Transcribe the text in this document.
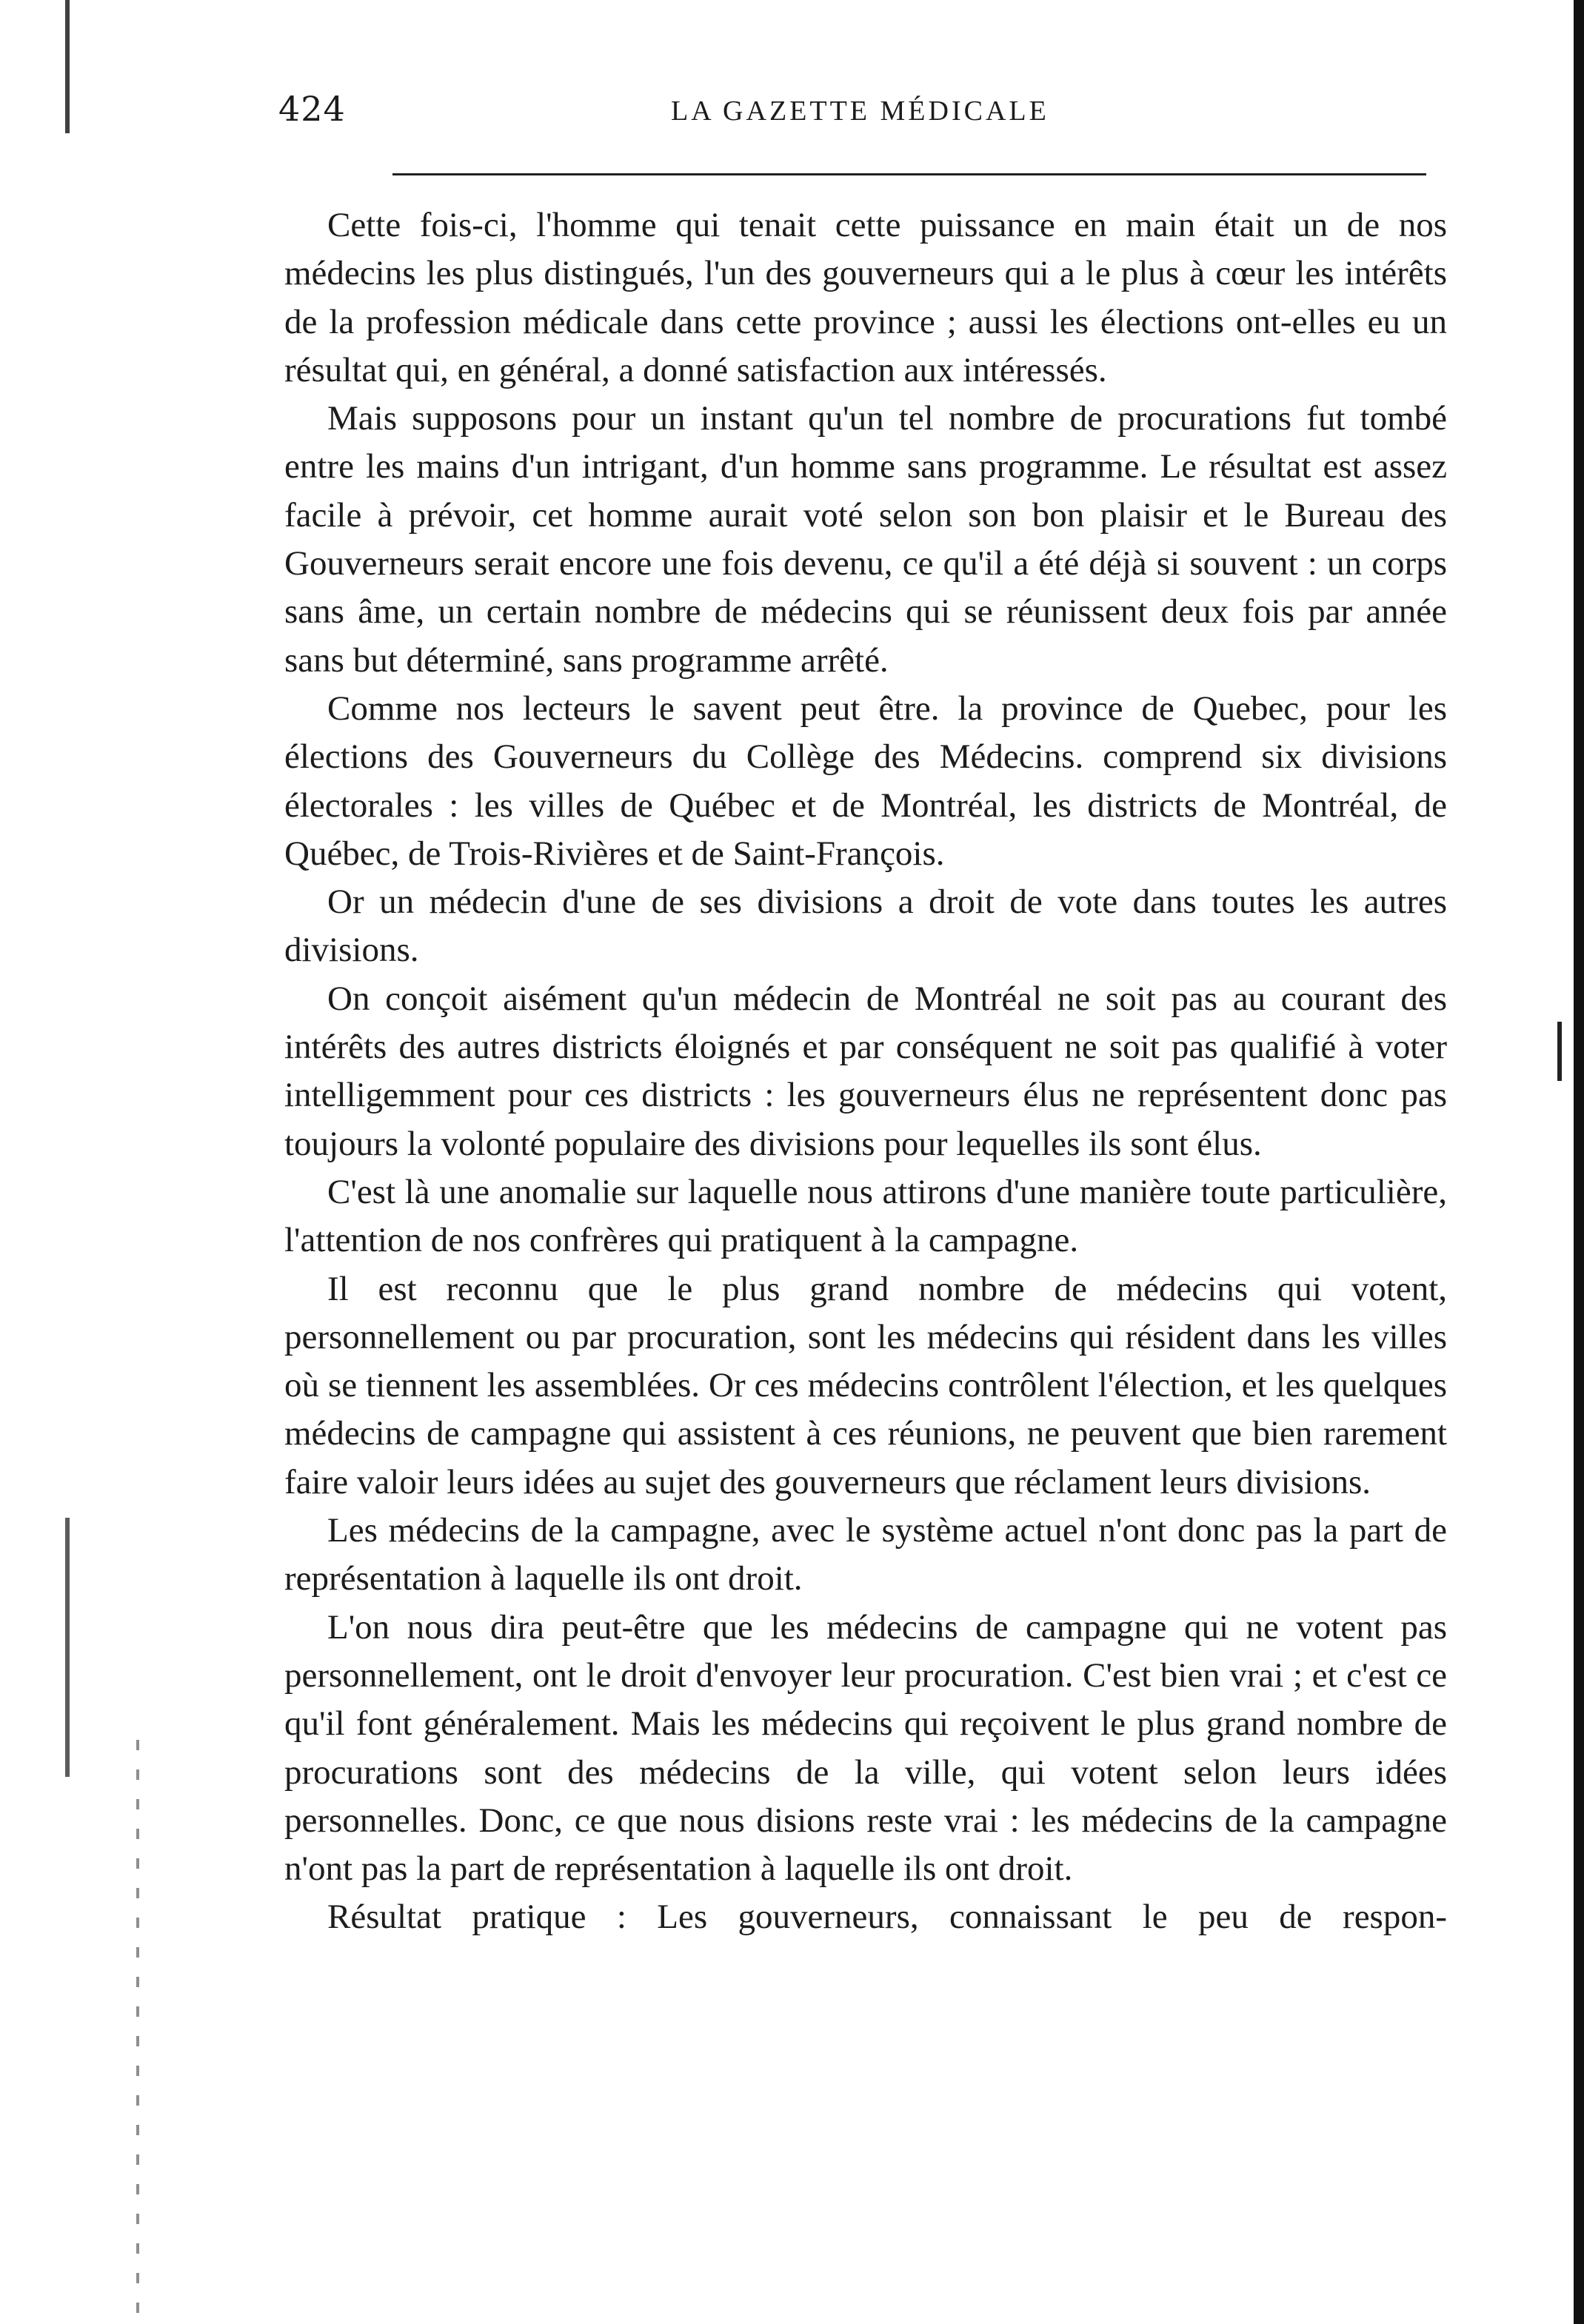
424	LA GAZETTE MÉDICALE

Cette fois-ci, l'homme qui tenait cette puissance en main était un de nos médecins les plus distingués, l'un des gouverneurs qui a le plus à cœur les intérêts de la profession médicale dans cette province ; aussi les élections ont-elles eu un résultat qui, en général, a donné satisfaction aux intéressés.

Mais supposons pour un instant qu'un tel nombre de procurations fut tombé entre les mains d'un intrigant, d'un homme sans programme. Le résultat est assez facile à prévoir, cet homme aurait voté selon son bon plaisir et le Bureau des Gouverneurs serait encore une fois devenu, ce qu'il a été déjà si souvent : un corps sans âme, un certain nombre de médecins qui se réunissent deux fois par année sans but déterminé, sans programme arrêté.

Comme nos lecteurs le savent peut être. la province de Quebec, pour les élections des Gouverneurs du Collège des Médecins. comprend six divisions électorales : les villes de Québec et de Montréal, les districts de Montréal, de Québec, de Trois-Rivières et de Saint-François.

Or un médecin d'une de ses divisions a droit de vote dans toutes les autres divisions.

On conçoit aisément qu'un médecin de Montréal ne soit pas au courant des intérêts des autres districts éloignés et par conséquent ne soit pas qualifié à voter intelligemment pour ces districts : les gouverneurs élus ne représentent donc pas toujours la volonté populaire des divisions pour lequelles ils sont élus.

C'est là une anomalie sur laquelle nous attirons d'une manière toute particulière, l'attention de nos confrères qui pratiquent à la campagne.

Il est reconnu que le plus grand nombre de médecins qui votent, personnellement ou par procuration, sont les médecins qui résident dans les villes où se tiennent les assemblées. Or ces médecins contrôlent l'élection, et les quelques médecins de campagne qui assistent à ces réunions, ne peuvent que bien rarement faire valoir leurs idées au sujet des gouverneurs que réclament leurs divisions.

Les médecins de la campagne, avec le système actuel n'ont donc pas la part de représentation à laquelle ils ont droit.

L'on nous dira peut-être que les médecins de campagne qui ne votent pas personnellement, ont le droit d'envoyer leur procuration. C'est bien vrai ; et c'est ce qu'il font généralement. Mais les médecins qui reçoivent le plus grand nombre de procurations sont des médecins de la ville, qui votent selon leurs idées personnelles. Donc, ce que nous disions reste vrai : les médecins de la campagne n'ont pas la part de représentation à laquelle ils ont droit.

Résultat pratique : Les gouverneurs, connaissant le peu de respon-
